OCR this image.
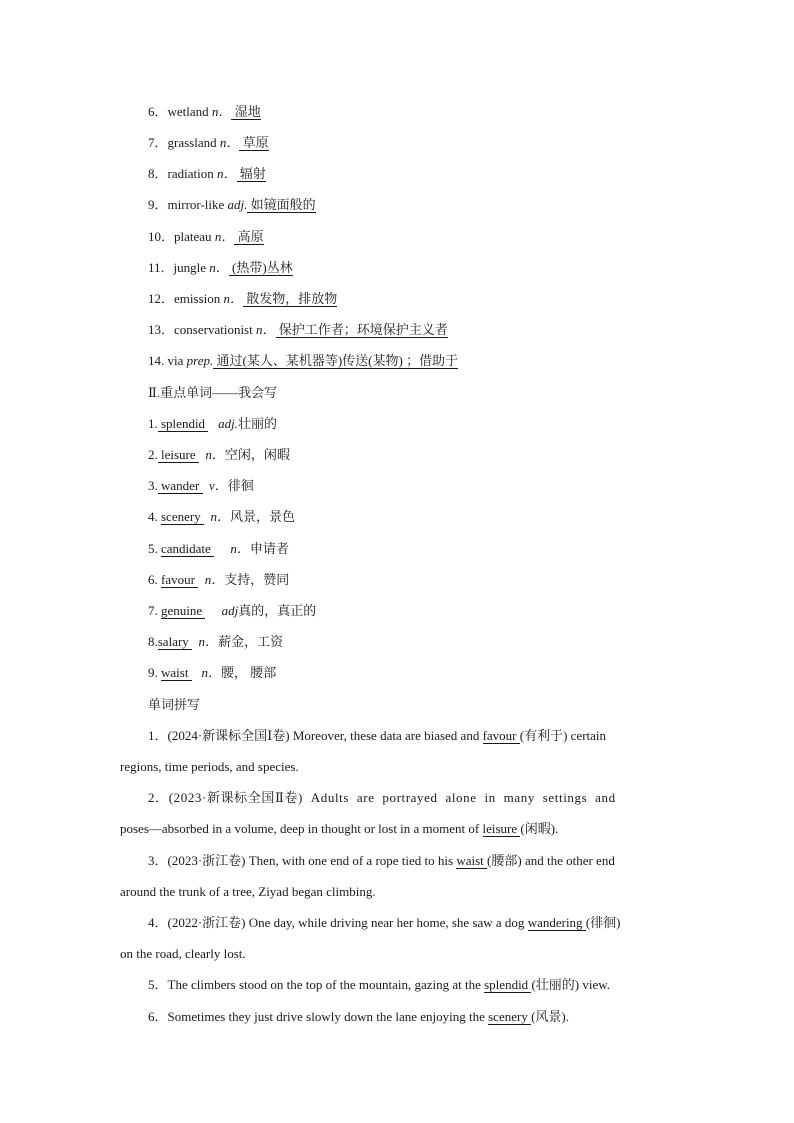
6．wetland n． 湿地
7．grassland n． 草原
8．radiation n． 辐射
9．mirror-like adj. 如镜面般的
10．plateau n． 高原
11．jungle n． (热带)丛林
12．emission n． 散发物，排放物
13．conservationist n． 保护工作者；环境保护主义者
14. via prep. 通过(某人、某机器等)传送(某物) ；借助于
Ⅱ.重点单词——我会写
1. splendid    adj.壮丽的
2. leisure   n．空闲，闲暇
3. wander   v．徘徊
4. scenery   n．风景，景色
5. candidate      n．申请者
6. favour   n．支持，赞同
7. genuine      adj真的，真正的
8.salary   n．薪金，工资
9. waist    n．腰， 腰部
单词拼写
1．(2024·新课标全国Ⅰ卷) Moreover, these data are biased and favour (有利于) certain
regions, time periods, and species.
2．(2023·新课标全国Ⅱ卷) Adults are portrayed alone in many settings and
poses—absorbed in a volume, deep in thought or lost in a moment of leisure (闲暇).
3．(2023·浙江卷) Then, with one end of a rope tied to his waist (腰部) and the other end
around the trunk of a tree, Ziyad began climbing.
4．(2022·浙江卷) One day, while driving near her home, she saw a dog wandering (徘徊)
on the road, clearly lost.
5．The climbers stood on the top of the mountain, gazing at the splendid (壮丽的) view.
6．Sometimes they just drive slowly down the lane enjoying the scenery (风景).
